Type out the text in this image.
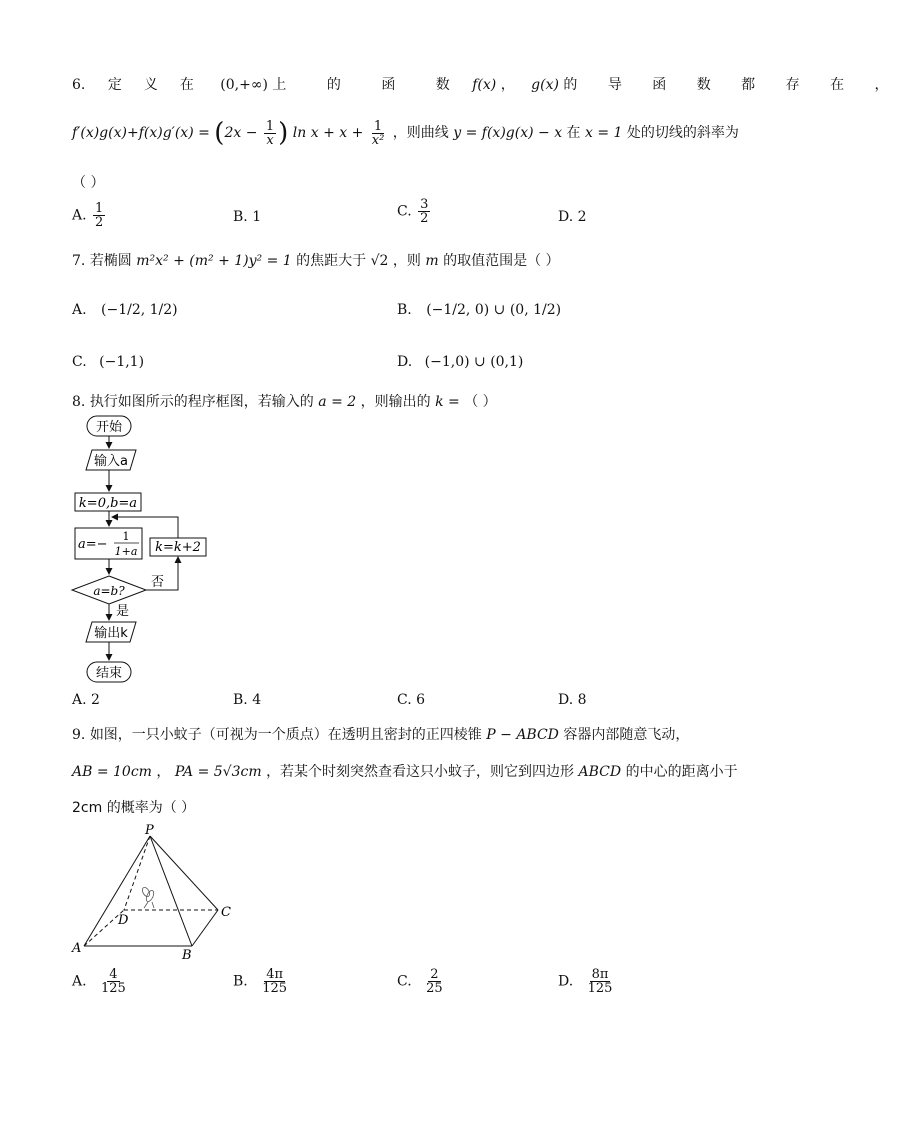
6. 定义在 (0,+∞) 上 的 函 数 f(x) ， g(x) 的 导 函 数 都 存 在 ，
$f'(x)g(x)+f(x)g'(x) = (2x - \frac{1}{x}$ ) $\ln x + x + \frac{1}{\text{x²}}$ ，则曲线 y = f(x)g(x) − x 在 x = 1 处的切线的斜率为
（ ）
A. $\frac{1}{2}$	B. 1	C. $\frac{3}{2}$	D. 2
7. 若椭圆 m²x² + (m² + 1)y² = 1 的焦距大于 √2 ，则 m 的取值范围是（ ）
A. (−1/2, 1/2)	B. (−1/2, 0) ∪ (0, 1/2)
C. (−1,1)	D. (−1,0) ∪ (0,1)
8. 执行如图所示的程序框图，若输入的 a = 2 ，则输出的 k = （ ）
开始
输入a
k=0,b=a
a=−
1
1+a k=k+2
a=b?
否
是
输出k
结束
A. 2	B. 4	C. 6	D. 8
9. 如图，一只小蚊子（可视为一个质点）在透明且密封的正四棱锥 P − ABCD 容器内部随意飞动，
AB = 10cm ， PA = 5√3cm ，若某个时刻突然查看这只小蚊子，则它到四边形 ABCD 的中心的距离小于
2cm 的概率为（ ）
P
A	B
C
D
A. $\frac{4}{125}$	B. $\frac{4\pi}{125}$	C. $\frac{2}{25}$	D. $\frac{8\pi}{125}$
